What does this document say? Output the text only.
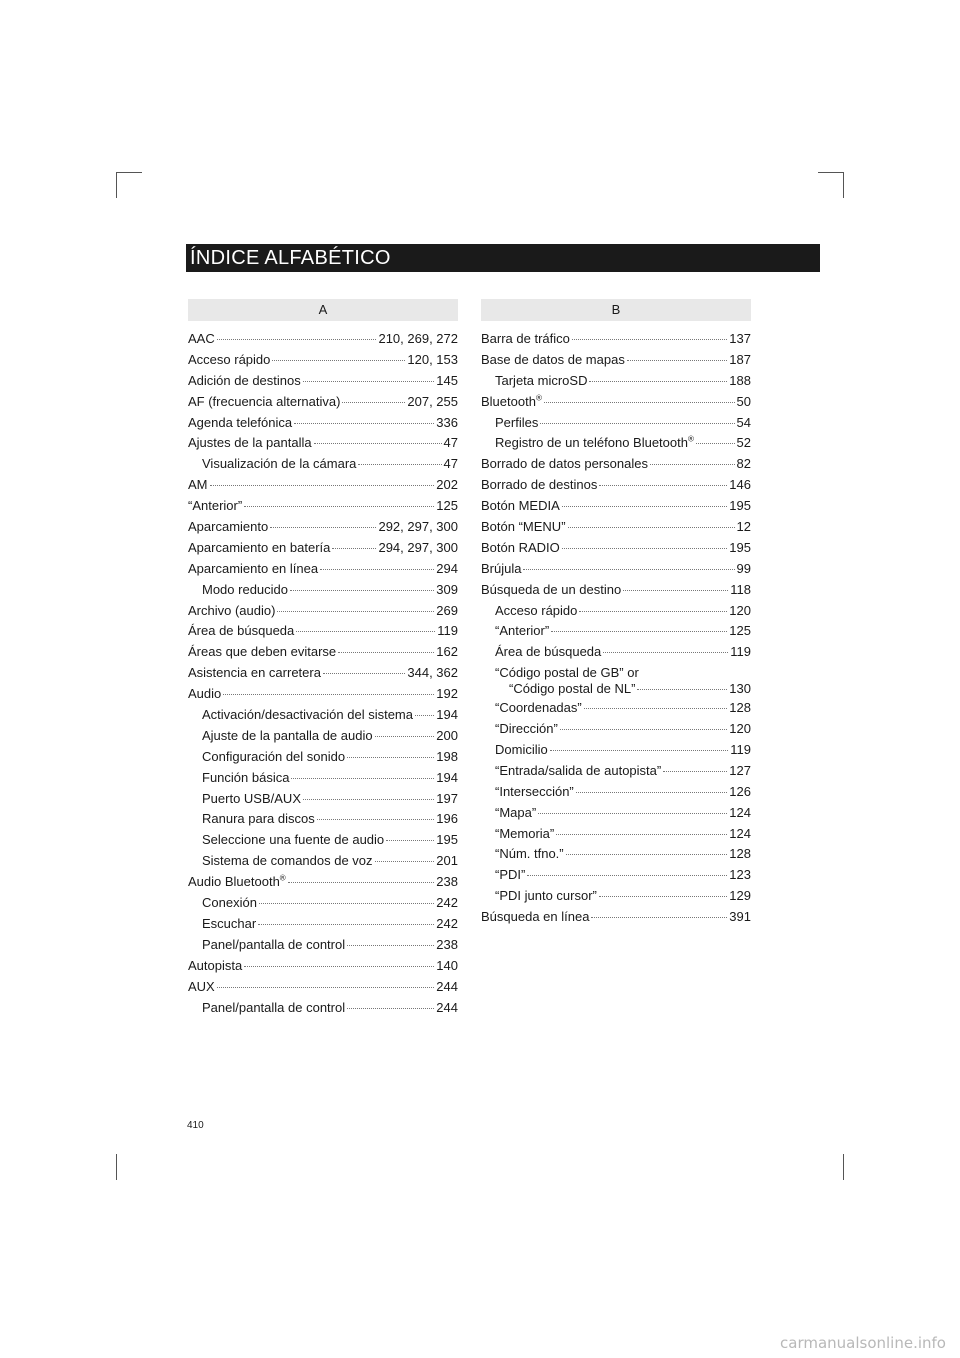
ÍNDICE ALFABÉTICO
A
AAC	210, 269, 272
Acceso rápido	120, 153
Adición de destinos	145
AF (frecuencia alternativa)	207, 255
Agenda telefónica	336
Ajustes de la pantalla	47
Visualización de la cámara	47
AM	202
“Anterior”	125
Aparcamiento	292, 297, 300
Aparcamiento en batería	294, 297, 300
Aparcamiento en línea	294
Modo reducido	309
Archivo (audio)	269
Área de búsqueda	119
Áreas que deben evitarse	162
Asistencia en carretera	344, 362
Audio	192
Activación/desactivación del sistema 194
Ajuste de la pantalla de audio	200
Configuración del sonido	198
Función básica	194
Puerto USB/AUX	197
Ranura para discos	196
Seleccione una fuente de audio	195
Sistema de comandos de voz	201
Audio Bluetooth®	238
Conexión	242
Escuchar	242
Panel/pantalla de control	238
Autopista	140
AUX	244
Panel/pantalla de control	244
B
Barra de tráfico	137
Base de datos de mapas	187
Tarjeta microSD	188
Bluetooth®	50
Perfiles	54
Registro de un teléfono Bluetooth®	52
Borrado de datos personales	82
Borrado de destinos	146
Botón MEDIA	195
Botón “MENU”	12
Botón RADIO	195
Brújula	99
Búsqueda de un destino	118
Acceso rápido	120
“Anterior”	125
Área de búsqueda	119
“Código postal de GB” or
“Código postal de NL”	130
“Coordenadas”	128
“Dirección”	120
Domicilio	119
“Entrada/salida de autopista”	127
“Intersección”	126
“Mapa”	124
“Memoria”	124
“Núm. tfno.”	128
“PDI”	123
“PDI junto cursor”	129
Búsqueda en línea	391
410
carmanualsonline.info
